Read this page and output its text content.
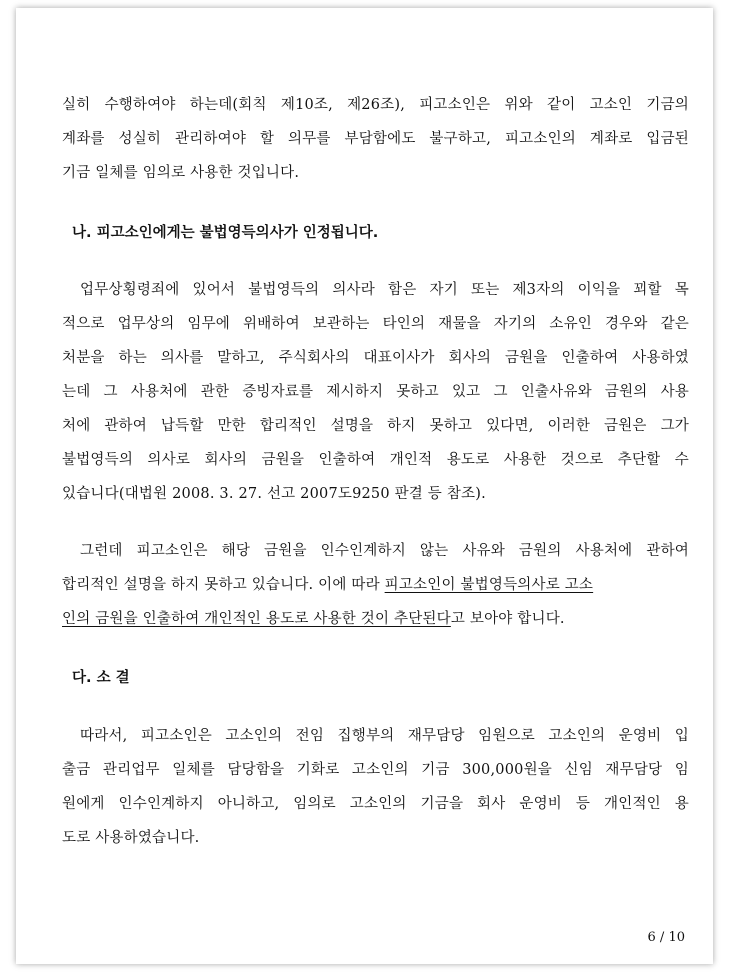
실히 수행하여야 하는데(회칙 제10조, 제26조), 피고소인은 위와 같이 고소인 기금의
계좌를 성실히 관리하여야 할 의무를 부담함에도 불구하고, 피고소인의 계좌로 입금된
기금 일체를 임의로 사용한 것입니다.
나. 피고소인에게는 불법영득의사가 인정됩니다.
업무상횡령죄에 있어서 불법영득의 의사라 함은 자기 또는 제3자의 이익을 꾀할 목
적으로 업무상의 임무에 위배하여 보관하는 타인의 재물을 자기의 소유인 경우와 같은
처분을 하는 의사를 말하고, 주식회사의 대표이사가 회사의 금원을 인출하여 사용하였
는데 그 사용처에 관한 증빙자료를 제시하지 못하고 있고 그 인출사유와 금원의 사용
처에 관하여 납득할 만한 합리적인 설명을 하지 못하고 있다면, 이러한 금원은 그가
불법영득의 의사로 회사의 금원을 인출하여 개인적 용도로 사용한 것으로 추단할 수
있습니다(대법원 2008. 3. 27. 선고 2007도9250 판결 등 참조).
그런데 피고소인은 해당 금원을 인수인계하지 않는 사유와 금원의 사용처에 관하여
합리적인 설명을 하지 못하고 있습니다. 이에 따라 피고소인이 불법영득의사로 고소
인의 금원을 인출하여 개인적인 용도로 사용한 것이 추단된다고 보아야 합니다.
다. 소 결
따라서, 피고소인은 고소인의 전임 집행부의 재무담당 임원으로 고소인의 운영비 입
출금 관리업무 일체를 담당함을 기화로 고소인의 기금 300,000원을 신임 재무담당 임
원에게 인수인계하지 아니하고, 임의로 고소인의 기금을 회사 운영비 등 개인적인 용
도로 사용하였습니다.
6 / 10
